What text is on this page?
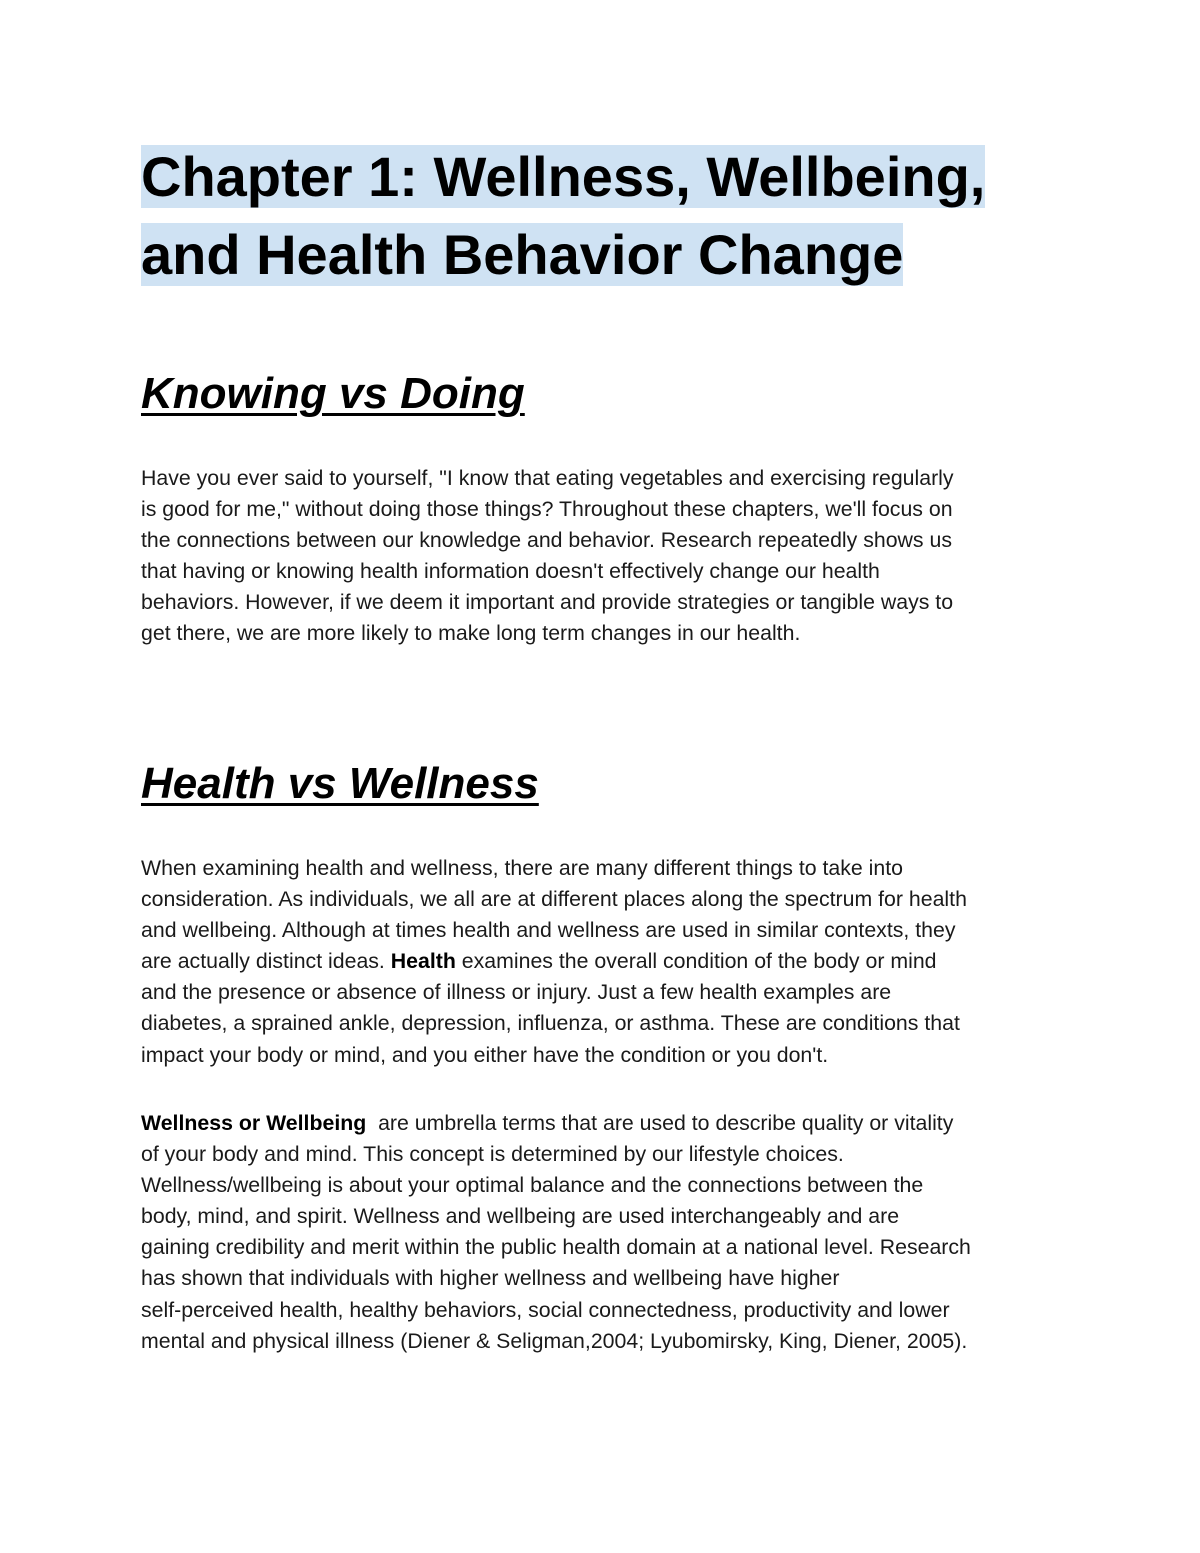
Chapter 1: Wellness, Wellbeing,
and Health Behavior Change
Knowing vs Doing

Have you ever said to yourself, "I know that eating vegetables and exercising regularly
is good for me," without doing those things? Throughout these chapters, we'll focus on
the connections between our knowledge and behavior. Research repeatedly shows us
that having or knowing health information doesn't effectively change our health
behaviors. However, if we deem it important and provide strategies or tangible ways to
get there, we are more likely to make long term changes in our health.

Health vs Wellness

When examining health and wellness, there are many different things to take into
consideration. As individuals, we all are at different places along the spectrum for health
and wellbeing. Although at times health and wellness are used in similar contexts, they
are actually distinct ideas. Health examines the overall condition of the body or mind
and the presence or absence of illness or injury. Just a few health examples are
diabetes, a sprained ankle, depression, influenza, or asthma. These are conditions that
impact your body or mind, and you either have the condition or you don't.

Wellness or Wellbeing  are umbrella terms that are used to describe quality or vitality
of your body and mind. This concept is determined by our lifestyle choices.
Wellness/wellbeing is about your optimal balance and the connections between the
body, mind, and spirit. Wellness and wellbeing are used interchangeably and are
gaining credibility and merit within the public health domain at a national level. Research
has shown that individuals with higher wellness and wellbeing have higher
self-perceived health, healthy behaviors, social connectedness, productivity and lower
mental and physical illness (Diener & Seligman,2004; Lyubomirsky, King, Diener, 2005).
